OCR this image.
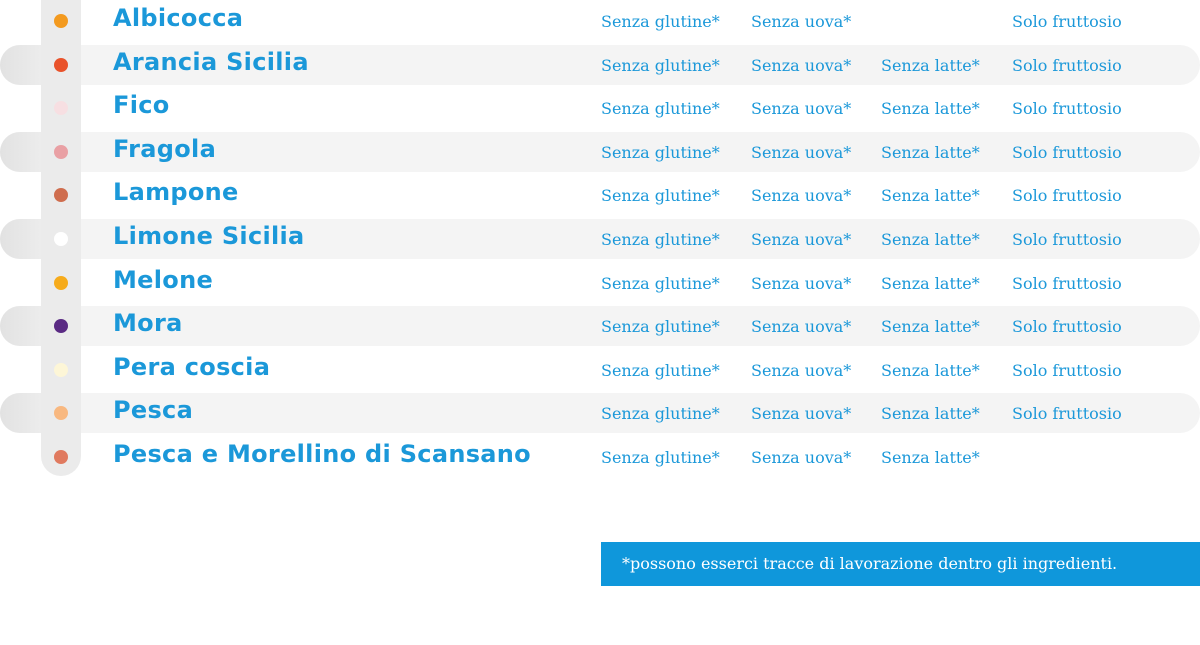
Albicocca	Senza glutine* Senza uova*	Solo fruttosio
Arancia Sicilia	Senza glutine* Senza uova* Senza latte* Solo fruttosio
Fico	Senza glutine* Senza uova* Senza latte* Solo fruttosio
Fragola	Senza glutine* Senza uova* Senza latte* Solo fruttosio
Lampone	Senza glutine* Senza uova* Senza latte* Solo fruttosio
Limone Sicilia	Senza glutine* Senza uova* Senza latte* Solo fruttosio
Melone	Senza glutine* Senza uova* Senza latte* Solo fruttosio
Mora	Senza glutine* Senza uova* Senza latte* Solo fruttosio
Pera coscia	Senza glutine* Senza uova* Senza latte* Solo fruttosio
Pesca	Senza glutine* Senza uova* Senza latte* Solo fruttosio
Pesca e Morellino di Scansano	Senza glutine* Senza uova* Senza latte*
*possono esserci tracce di lavorazione dentro gli ingredienti.
